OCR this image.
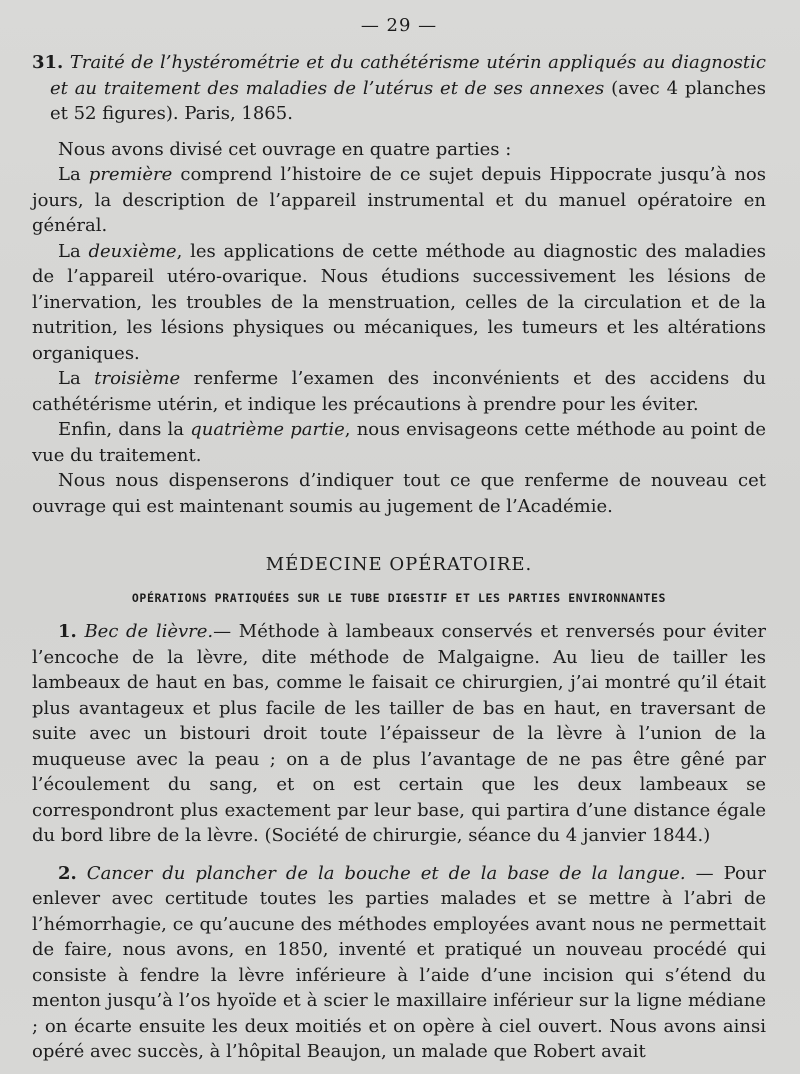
— 29 —

31. Traité de l’hystérométrie et du cathétérisme utérin appliqués au diagnostic et au traitement des maladies de l’utérus et de ses annexes (avec 4 planches et 52 figures). Paris, 1865.

Nous avons divisé cet ouvrage en quatre parties :

La première comprend l’histoire de ce sujet depuis Hippocrate jusqu’à nos jours, la description de l’appareil instrumental et du manuel opératoire en général.

La deuxième, les applications de cette méthode au diagnostic des maladies de l’appareil utéro-ovarique. Nous étudions successivement les lésions de l’inervation, les troubles de la menstruation, celles de la circulation et de la nutrition, les lésions physiques ou mécaniques, les tumeurs et les altérations organiques.

La troisième renferme l’examen des inconvénients et des accidens du cathétérisme utérin, et indique les précautions à prendre pour les éviter.

Enfin, dans la quatrième partie, nous envisageons cette méthode au point de vue du traitement.

Nous nous dispenserons d’indiquer tout ce que renferme de nouveau cet ouvrage qui est maintenant soumis au jugement de l’Académie.

MÉDECINE OPÉRATOIRE.
OPÉRATIONS PRATIQUÉES SUR LE TUBE DIGESTIF ET LES PARTIES ENVIRONNANTES

1. Bec de lièvre.— Méthode à lambeaux conservés et renversés pour éviter l’encoche de la lèvre, dite méthode de Malgaigne. Au lieu de tailler les lambeaux de haut en bas, comme le faisait ce chirurgien, j’ai montré qu’il était plus avantageux et plus facile de les tailler de bas en haut, en traversant de suite avec un bistouri droit toute l’épaisseur de la lèvre à l’union de la muqueuse avec la peau ; on a de plus l’avantage de ne pas être gêné par l’écoulement du sang, et on est certain que les deux lambeaux se correspondront plus exactement par leur base, qui partira d’une distance égale du bord libre de la lèvre. (Société de chirurgie, séance du 4 janvier 1844.)

2. Cancer du plancher de la bouche et de la base de la langue. — Pour enlever avec certitude toutes les parties malades et se mettre à l’abri de l’hémorrhagie, ce qu’aucune des méthodes employées avant nous ne permettait de faire, nous avons, en 1850, inventé et pratiqué un nouveau procédé qui consiste à fendre la lèvre inférieure à l’aide d’une incision qui s’étend du menton jusqu’à l’os hyoïde et à scier le maxillaire inférieur sur la ligne médiane ; on écarte ensuite les deux moitiés et on opère à ciel ouvert. Nous avons ainsi opéré avec succès, à l’hôpital Beaujon, un malade que Robert avait
